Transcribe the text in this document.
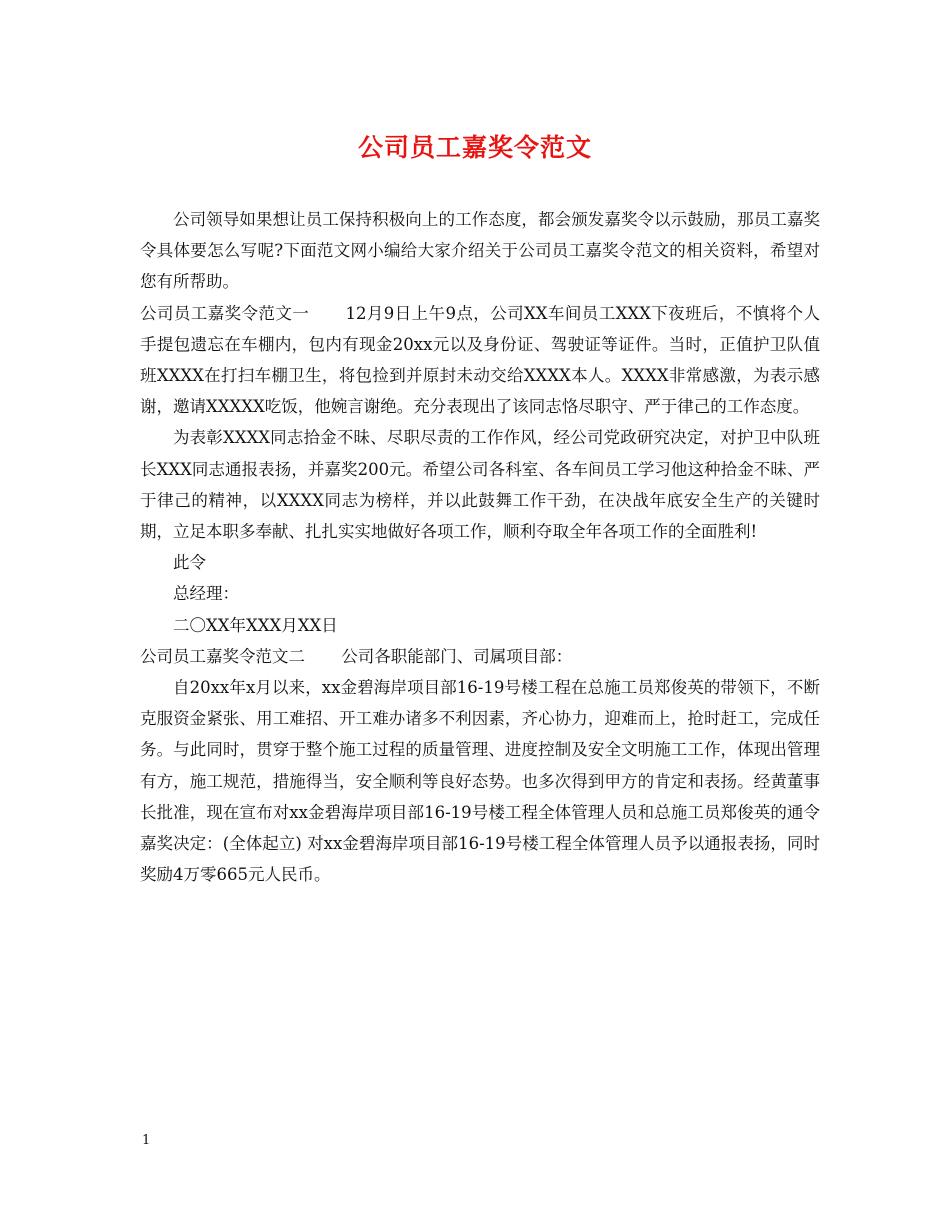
公司员工嘉奖令范文

公司领导如果想让员工保持积极向上的工作态度，都会颁发嘉奖令以示鼓励，那员工嘉奖令具体要怎么写呢?下面范文网小编给大家介绍关于公司员工嘉奖令范文的相关资料，希望对您有所帮助。

公司员工嘉奖令范文一 12月9日上午9点，公司XX车间员工XXX下夜班后，不慎将个人手提包遗忘在车棚内，包内有现金20xx元以及身份证、驾驶证等证件。当时，正值护卫队值班XXXX在打扫车棚卫生，将包捡到并原封未动交给XXXX本人。XXXX非常感激，为表示感谢，邀请XXXXX吃饭，他婉言谢绝。充分表现出了该同志恪尽职守、严于律己的工作态度。

为表彰XXXX同志拾金不昧、尽职尽责的工作作风，经公司党政研究决定，对护卫中队班长XXX同志通报表扬，并嘉奖200元。希望公司各科室、各车间员工学习他这种拾金不昧、严于律己的精神，以XXXX同志为榜样，并以此鼓舞工作干劲，在决战年底安全生产的关键时期，立足本职多奉献、扎扎实实地做好各项工作，顺利夺取全年各项工作的全面胜利!

此令

总经理：

二〇XX年XXX月XX日

公司员工嘉奖令范文二 公司各职能部门、司属项目部：

自20xx年x月以来，xx金碧海岸项目部16-19号楼工程在总施工员郑俊英的带领下，不断克服资金紧张、用工难招、开工难办诸多不利因素，齐心协力，迎难而上，抢时赶工，完成任务。与此同时，贯穿于整个施工过程的质量管理、进度控制及安全文明施工工作，体现出管理有方，施工规范，措施得当，安全顺利等良好态势。也多次得到甲方的肯定和表扬。经黄董事长批准，现在宣布对xx金碧海岸项目部16-19号楼工程全体管理人员和总施工员郑俊英的通令嘉奖决定：(全体起立) 对xx金碧海岸项目部16-19号楼工程全体管理人员予以通报表扬，同时奖励4万零665元人民币。

1
